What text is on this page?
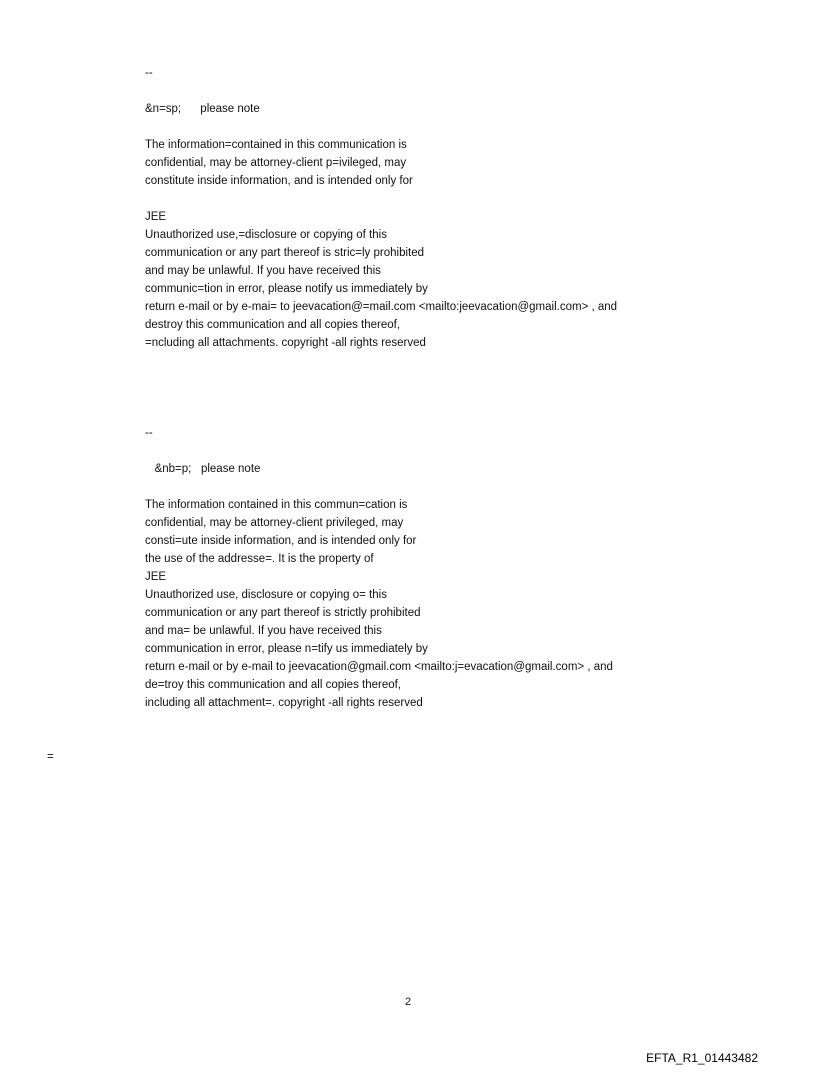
--
&n=sp;      please note
The information=contained in this communication is
confidential, may be attorney-client p=ivileged, may
constitute inside information, and is intended only for
JEE
Unauthorized use,=disclosure or copying of this
communication or any part thereof is stric=ly prohibited
and may be unlawful. If you have received this
communic=tion in error, please notify us immediately by
return e-mail or by e-mai= to jeevacation@=mail.com <mailto:jeevacation@gmail.com> , and
destroy this communication and all copies thereof,
=ncluding all attachments. copyright -all rights reserved
--
&nb=p;   please note
The information contained in this commun=cation is
confidential, may be attorney-client privileged, may
consti=ute inside information, and is intended only for
the use of the addresse=. It is the property of
JEE
Unauthorized use, disclosure or copying o= this
communication or any part thereof is strictly prohibited
and ma= be unlawful. If you have received this
communication in error, please n=tify us immediately by
return e-mail or by e-mail to jeevacation@gmail.com <mailto:j=evacation@gmail.com> , and
de=troy this communication and all copies thereof,
including all attachment=. copyright -all rights reserved
=
2
EFTA_R1_01443482
